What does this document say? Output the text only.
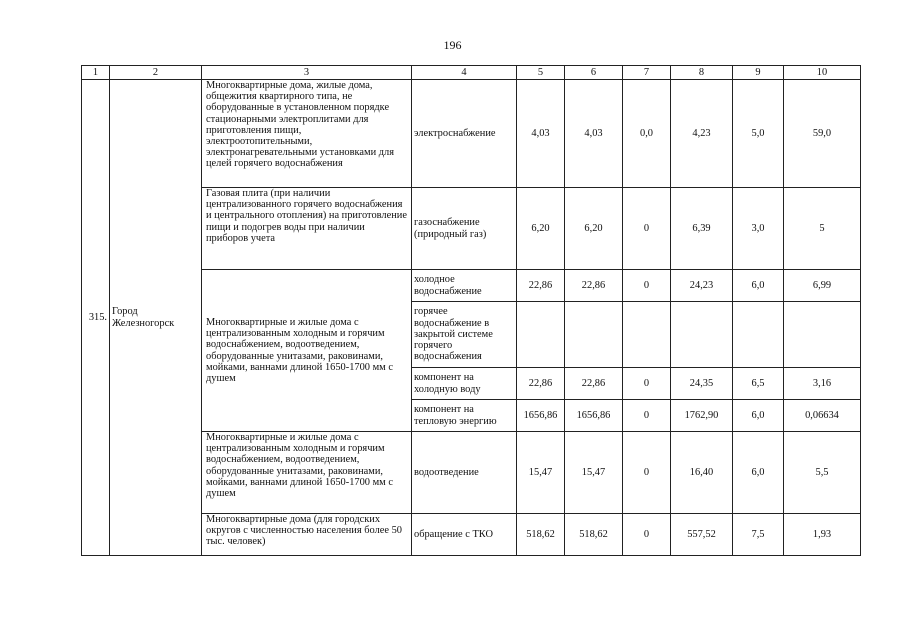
196
1	2	3	4	5	6	7	8	9	10
315.	Город Железногорск	Многоквартирные дома, жилые дома, общежития квартирного типа, не оборудованные в установленном порядке стационарными электроплитами для приготовления пищи, электроотопительными, электронагревательными установками для целей горячего водоснабжения	электроснабжение	4,03	4,03	0,0	4,23	5,0	59,0
		Газовая плита (при наличии централизованного горячего водоснабжения и центрального отопления) на приготовление пищи и подогрев воды при наличии приборов учета	газоснабжение (природный газ)	6,20	6,20	0	6,39	3,0	5
		Многоквартирные и жилые дома с централизованным холодным и горячим водоснабжением, водоотведением, оборудованные унитазами, раковинами, мойками, ваннами длиной 1650-1700 мм с душем	холодное водоснабжение	22,86	22,86	0	24,23	6,0	6,99
			горячее водоснабжение в закрытой системе горячего водоснабжения						
			компонент на холодную воду	22,86	22,86	0	24,35	6,5	3,16
			компонент на тепловую энергию	1656,86	1656,86	0	1762,90	6,0	0,06634
		Многоквартирные и жилые дома с централизованным холодным и горячим водоснабжением, водоотведением, оборудованные унитазами, раковинами, мойками, ваннами длиной 1650-1700 мм с душем	водоотведение	15,47	15,47	0	16,40	6,0	5,5
		Многоквартирные дома (для городских округов с численностью населения более 50 тыс. человек)	обращение с ТКО	518,62	518,62	0	557,52	7,5	1,93
